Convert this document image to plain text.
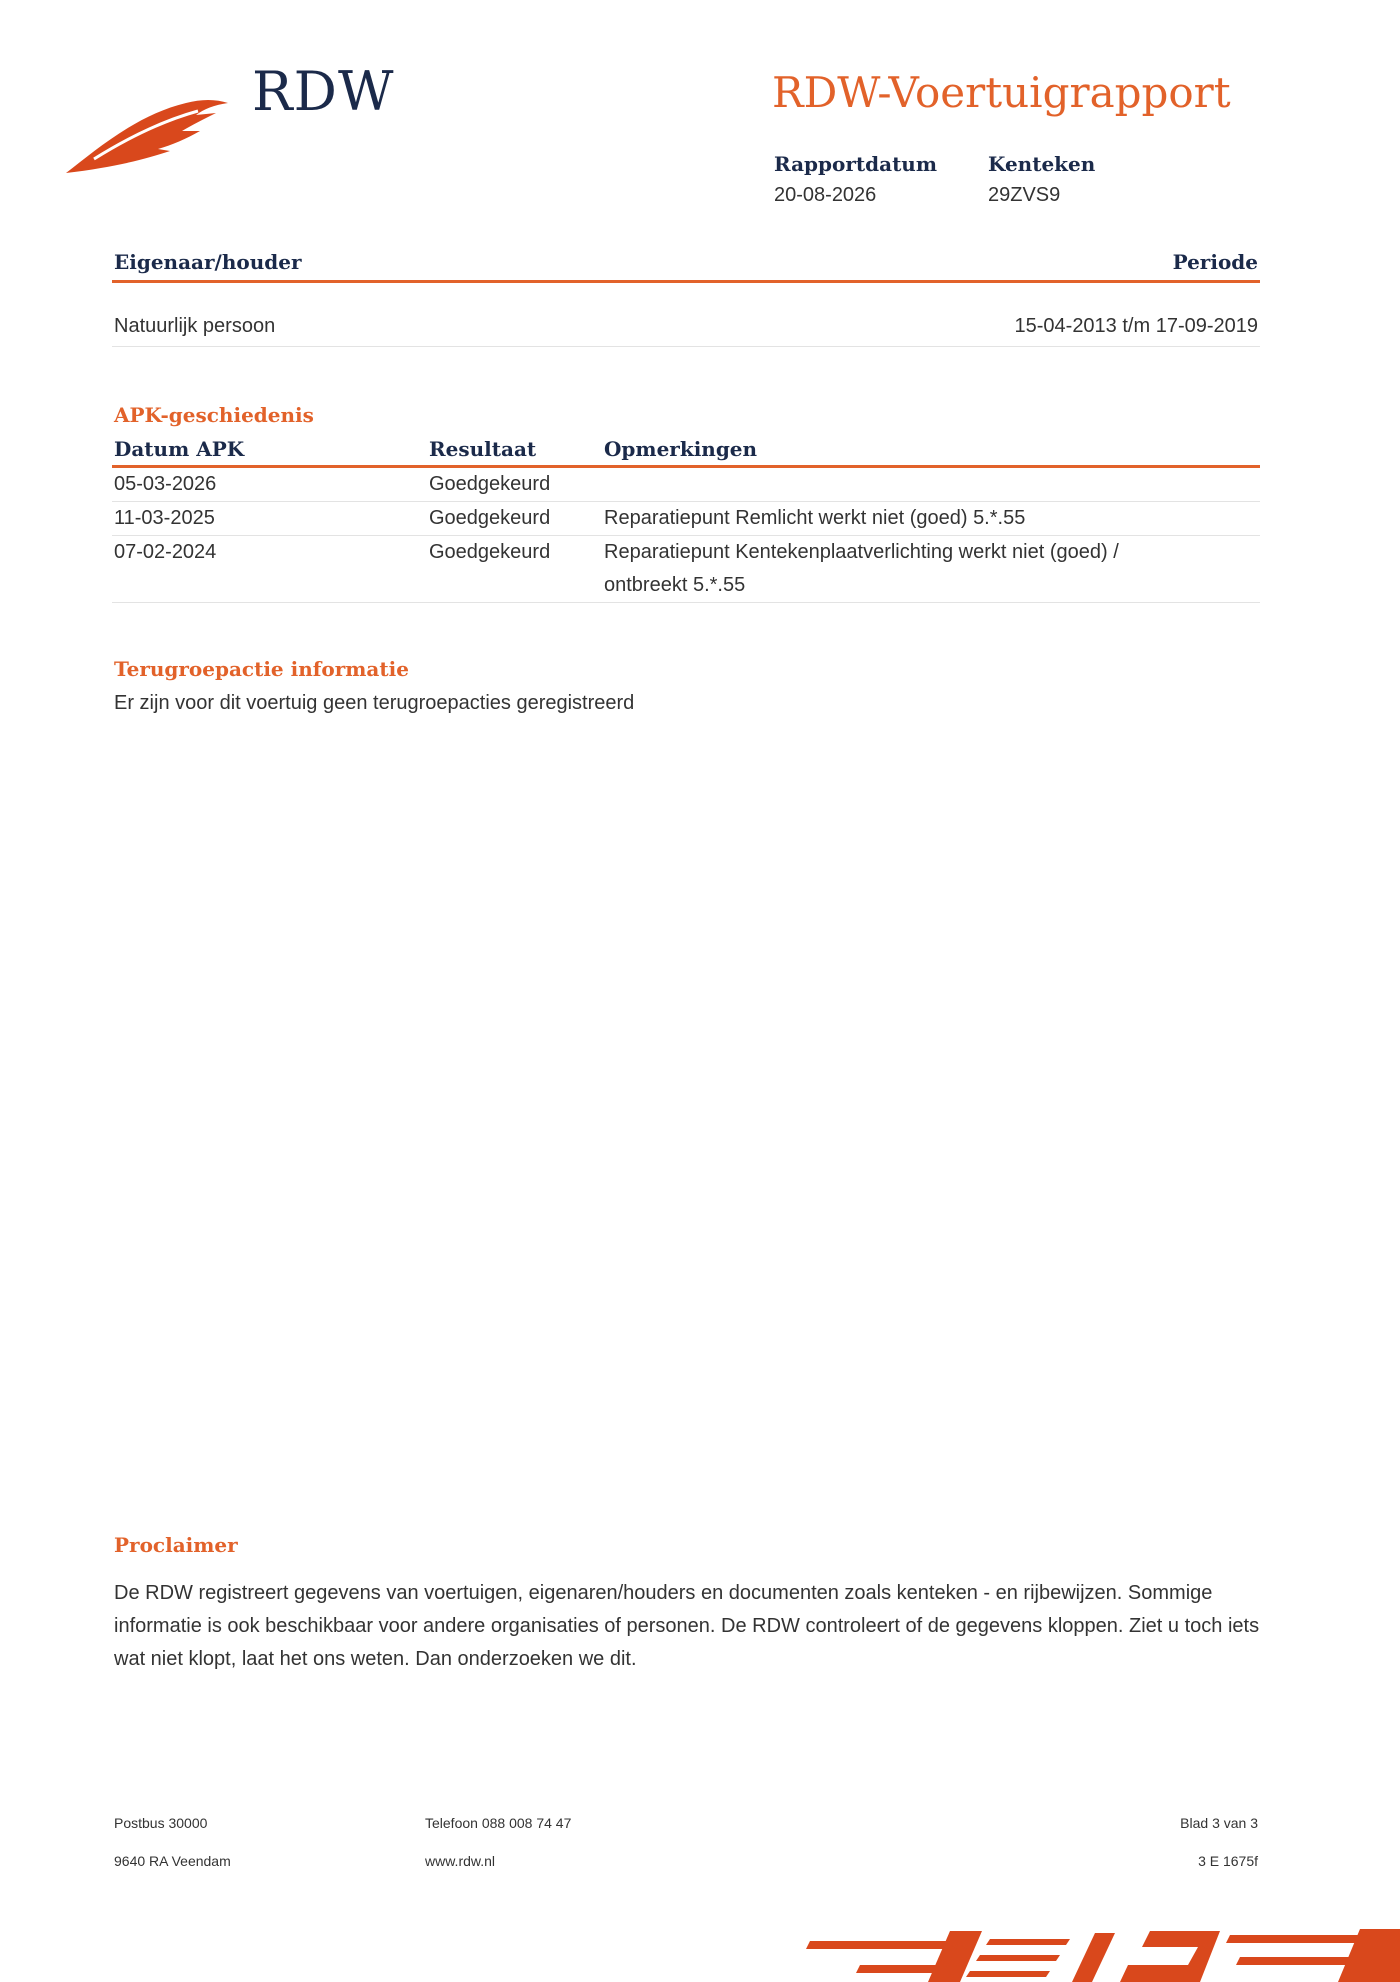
RDW	RDW-Voertuigrapport
Rapportdatum
20-08-2026
Kenteken
29ZVS9
Eigenaar/houder	Periode
Natuurlijk persoon	15-04-2013 t/m 17-09-2019
APK-geschiedenis
Datum APK	Resultaat	Opmerkingen
05-03-2026	Goedgekeurd	
11-03-2025	Goedgekeurd	Reparatiepunt Remlicht werkt niet (goed) 5.*.55
07-02-2024	Goedgekeurd	Reparatiepunt Kentekenplaatverlichting werkt niet (goed) / ontbreekt 5.*.55
Terugroepactie informatie
Er zijn voor dit voertuig geen terugroepacties geregistreerd
Proclaimer

De RDW registreert gegevens van voertuigen, eigenaren/houders en documenten zoals kenteken - en rijbewijzen. Sommige informatie is ook beschikbaar voor andere organisaties of personen. De RDW controleert of de gegevens kloppen. Ziet u toch iets wat niet klopt, laat het ons weten. Dan onderzoeken we dit.

Postbus 30000
9640 RA Veendam
Telefoon 088 008 74 47
www.rdw.nl
Blad 3 van 3
3 E 1675f
